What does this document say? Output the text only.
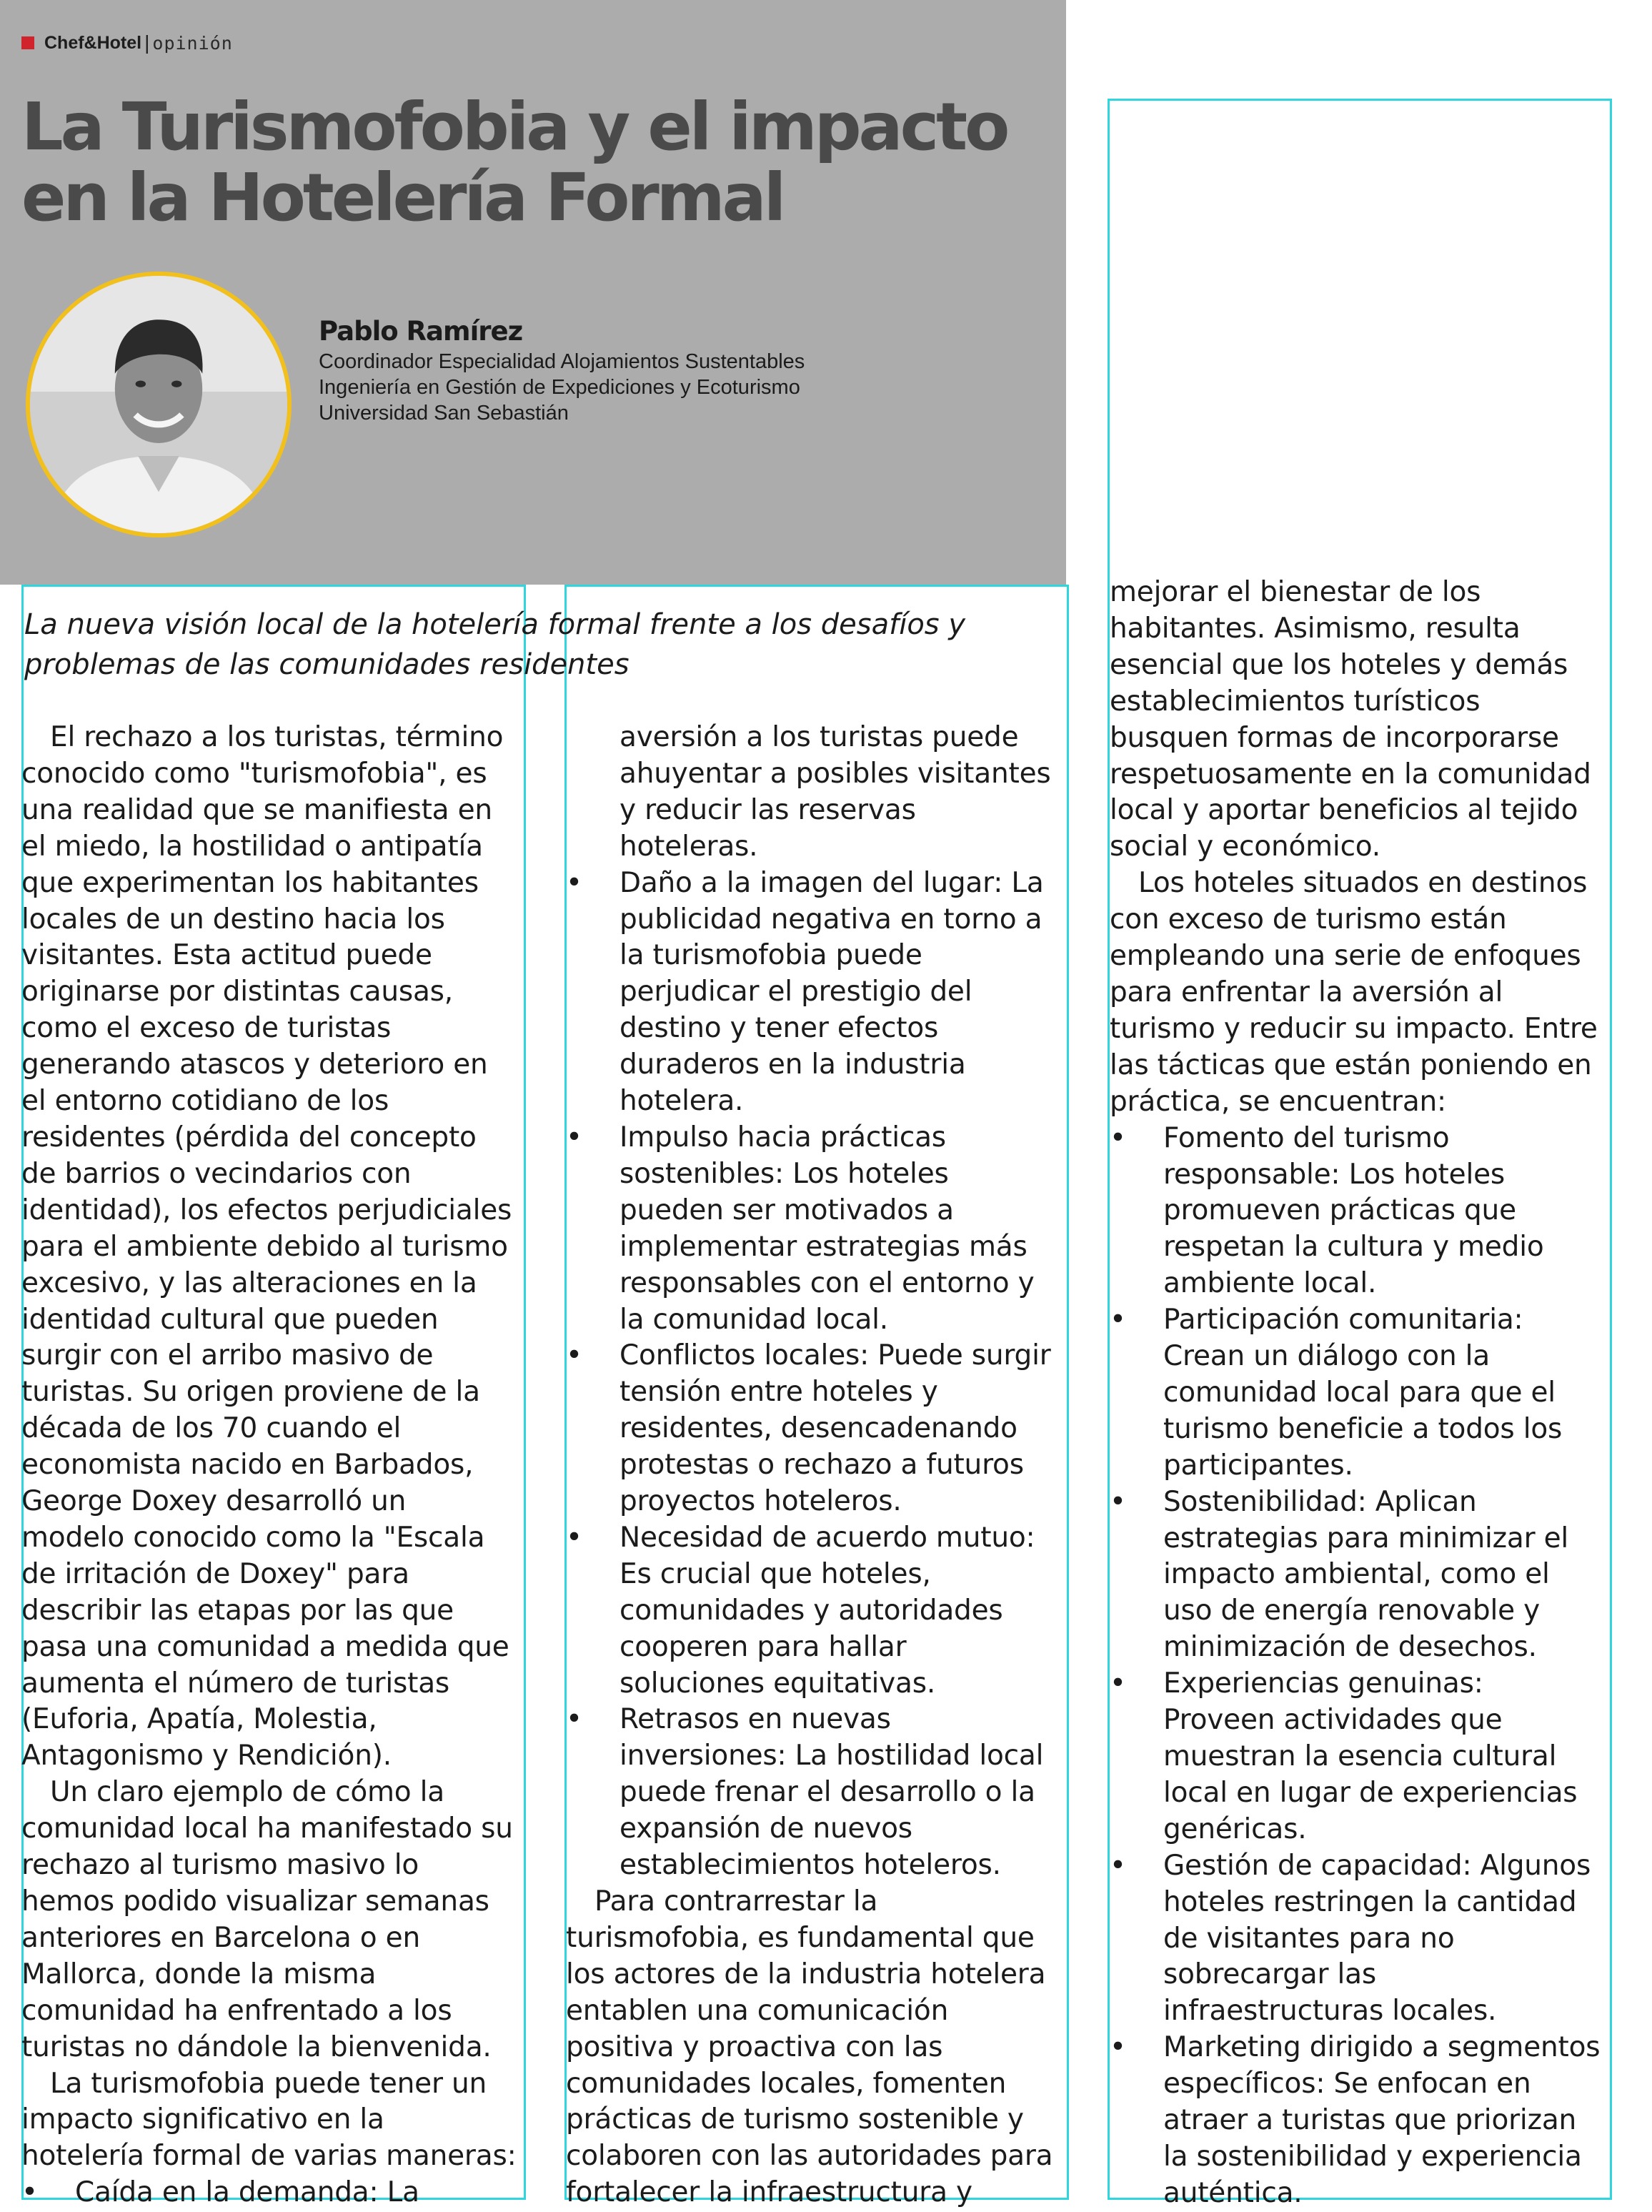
Chef&Hotel | opinión
La Turismofobia y el impacto
en la Hotelería Formal
Pablo Ramírez
Coordinador Especialidad Alojamientos Sustentables
Ingeniería en Gestión de Expediciones y Ecoturismo
Universidad San Sebastián
La nueva visión local de la hotelería formal frente a los desafíos y
problemas de las comunidades residentes
El rechazo a los turistas, término
conocido como "turismofobia", es
una realidad que se manifiesta en
el miedo, la hostilidad o antipatía
que experimentan los habitantes
locales de un destino hacia los
visitantes. Esta actitud puede
originarse por distintas causas,
como el exceso de turistas
generando atascos y deterioro en
el entorno cotidiano de los
residentes (pérdida del concepto
de barrios o vecindarios con
identidad), los efectos perjudiciales
para el ambiente debido al turismo
excesivo, y las alteraciones en la
identidad cultural que pueden
surgir con el arribo masivo de
turistas. Su origen proviene de la
década de los 70 cuando el
economista nacido en Barbados,
George Doxey desarrolló un
modelo conocido como la "Escala
de irritación de Doxey" para
describir las etapas por las que
pasa una comunidad a medida que
aumenta el número de turistas
(Euforia, Apatía, Molestia,
Antagonismo y Rendición).
Un claro ejemplo de cómo la
comunidad local ha manifestado su
rechazo al turismo masivo lo
hemos podido visualizar semanas
anteriores en Barcelona o en
Mallorca, donde la misma
comunidad ha enfrentado a los
turistas no dándole la bienvenida.
La turismofobia puede tener un
impacto significativo en la
hotelería formal de varias maneras:
• Caída en la demanda: La
aversión a los turistas puede
ahuyentar a posibles visitantes
y reducir las reservas
hoteleras.
• Daño a la imagen del lugar: La
publicidad negativa en torno a
la turismofobia puede
perjudicar el prestigio del
destino y tener efectos
duraderos en la industria
hotelera.
• Impulso hacia prácticas
sostenibles: Los hoteles
pueden ser motivados a
implementar estrategias más
responsables con el entorno y
la comunidad local.
• Conflictos locales: Puede surgir
tensión entre hoteles y
residentes, desencadenando
protestas o rechazo a futuros
proyectos hoteleros.
• Necesidad de acuerdo mutuo:
Es crucial que hoteles,
comunidades y autoridades
cooperen para hallar
soluciones equitativas.
• Retrasos en nuevas
inversiones: La hostilidad local
puede frenar el desarrollo o la
expansión de nuevos
establecimientos hoteleros.
Para contrarrestar la
turismofobia, es fundamental que
los actores de la industria hotelera
entablen una comunicación
positiva y proactiva con las
comunidades locales, fomenten
prácticas de turismo sostenible y
colaboren con las autoridades para
fortalecer la infraestructura y
mejorar el bienestar de los
habitantes. Asimismo, resulta
esencial que los hoteles y demás
establecimientos turísticos
busquen formas de incorporarse
respetuosamente en la comunidad
local y aportar beneficios al tejido
social y económico.
Los hoteles situados en destinos
con exceso de turismo están
empleando una serie de enfoques
para enfrentar la aversión al
turismo y reducir su impacto. Entre
las tácticas que están poniendo en
práctica, se encuentran:
• Fomento del turismo
responsable: Los hoteles
promueven prácticas que
respetan la cultura y medio
ambiente local.
• Participación comunitaria:
Crean un diálogo con la
comunidad local para que el
turismo beneficie a todos los
participantes.
• Sostenibilidad: Aplican
estrategias para minimizar el
impacto ambiental, como el
uso de energía renovable y
minimización de desechos.
• Experiencias genuinas:
Proveen actividades que
muestran la esencia cultural
local en lugar de experiencias
genéricas.
• Gestión de capacidad: Algunos
hoteles restringen la cantidad
de visitantes para no
sobrecargar las
infraestructuras locales.
• Marketing dirigido a segmentos
específicos: Se enfocan en
atraer a turistas que priorizan
la sostenibilidad y experiencia
auténtica.
